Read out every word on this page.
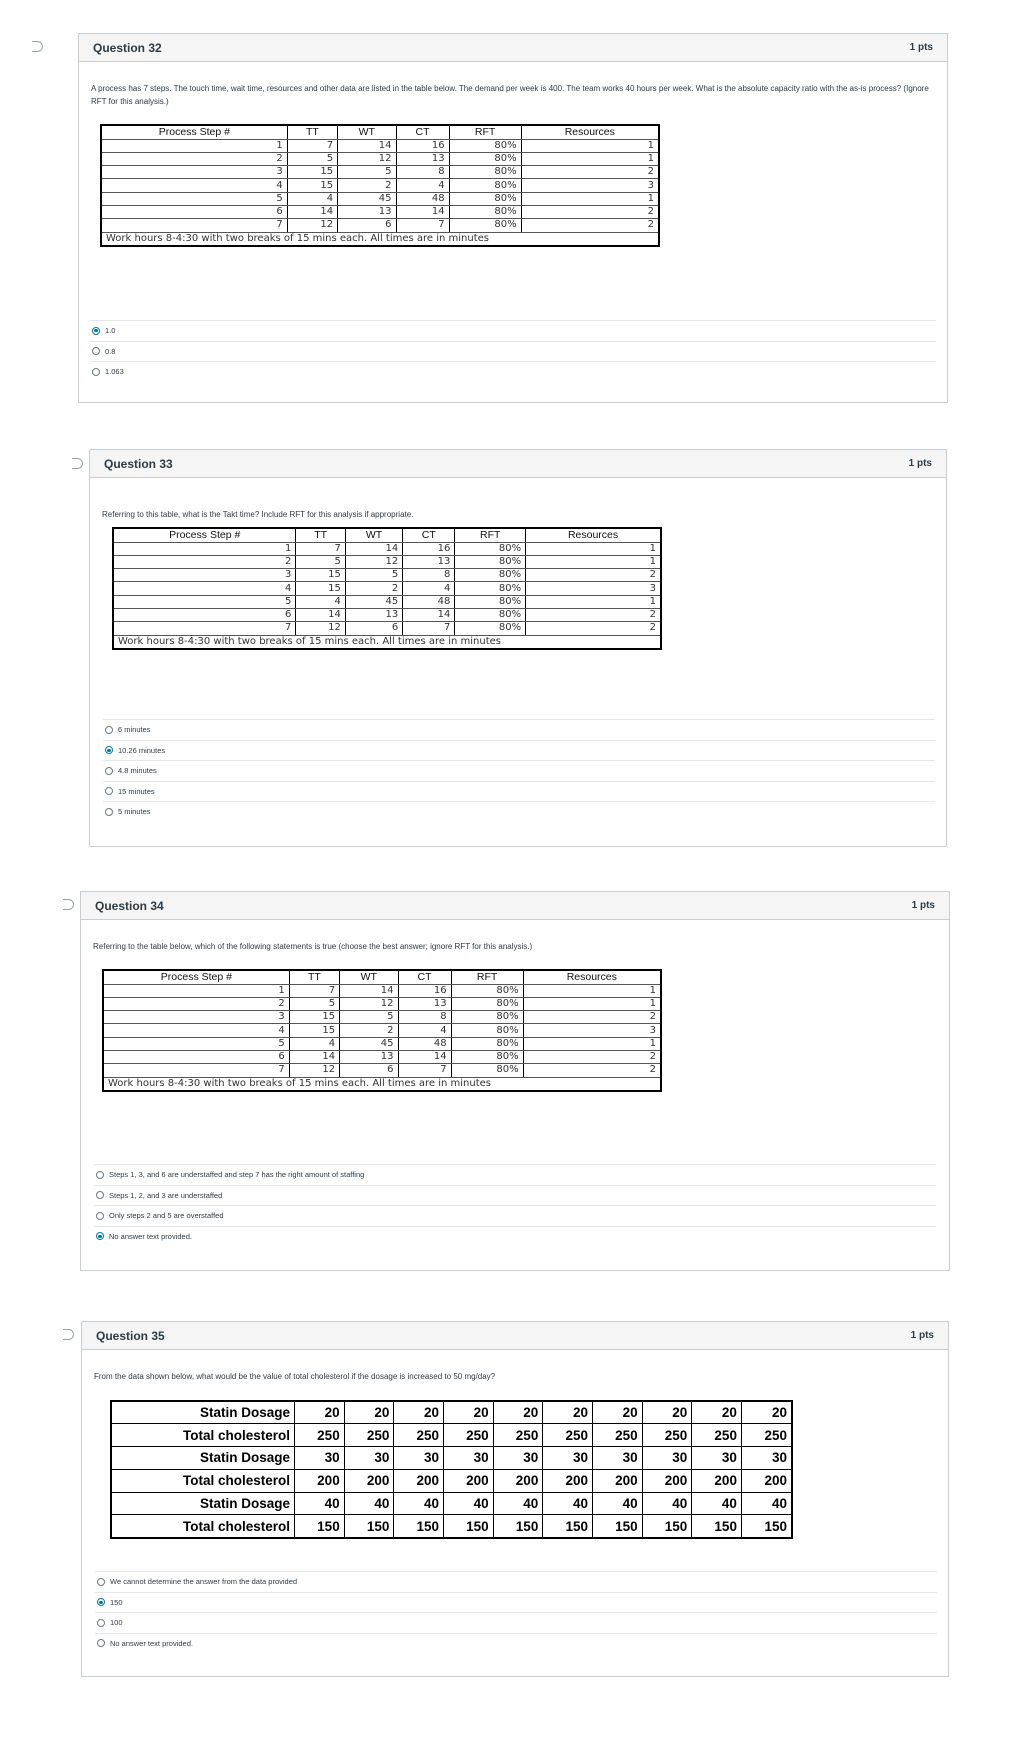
Question 32	1 pts
A process has 7 steps. The touch time, wait time, resources and other data are listed in the table below. The demand per week is 400. The team works 40 hours per week. What is the absolute capacity ratio with the as-is process? (Ignore RFT for this analysis.)
Process Step #	TT	WT	CT	RFT	Resources
1	7	14	16	80%	1
2	5	12	13	80%	1
3	15	5	8	80%	2
4	15	2	4	80%	3
5	4	45	48	80%	1
6	14	13	14	80%	2
7	12	6	7	80%	2
Work hours 8-4:30 with two breaks of 15 mins each. All times are in minutes					
1.0
0.8
1.063
Question 33	1 pts
Referring to this table, what is the Takt time? Include RFT for this analysis if appropriate.
Process Step #	TT	WT	CT	RFT	Resources
1	7	14	16	80%	1
2	5	12	13	80%	1
3	15	5	8	80%	2
4	15	2	4	80%	3
5	4	45	48	80%	1
6	14	13	14	80%	2
7	12	6	7	80%	2
Work hours 8-4:30 with two breaks of 15 mins each. All times are in minutes					
6 minutes
10.26 minutes
4.8 minutes
15 minutes
5 minutes
Question 34	1 pts
Referring to the table below, which of the following statements is true (choose the best answer; ignore RFT for this analysis.)
Process Step #	TT	WT	CT	RFT	Resources
1	7	14	16	80%	1
2	5	12	13	80%	1
3	15	5	8	80%	2
4	15	2	4	80%	3
5	4	45	48	80%	1
6	14	13	14	80%	2
7	12	6	7	80%	2
Work hours 8-4:30 with two breaks of 15 mins each. All times are in minutes					
Steps 1, 3, and 6 are understaffed and step 7 has the right amount of staffing
Steps 1, 2, and 3 are understaffed
Only steps 2 and 5 are overstaffed
No answer text provided.
Question 35	1 pts
From the data shown below, what would be the value of total cholesterol if the dosage is increased to 50 mg/day?
Statin Dosage	20	20	20	20	20	20	20	20	20	20
Total cholesterol	250	250	250	250	250	250	250	250	250	250
Statin Dosage	30	30	30	30	30	30	30	30	30	30
Total cholesterol	200	200	200	200	200	200	200	200	200	200
Statin Dosage	40	40	40	40	40	40	40	40	40	40
Total cholesterol	150	150	150	150	150	150	150	150	150	150
We cannot determine the answer from the data provided
150
100
No answer text provided.
